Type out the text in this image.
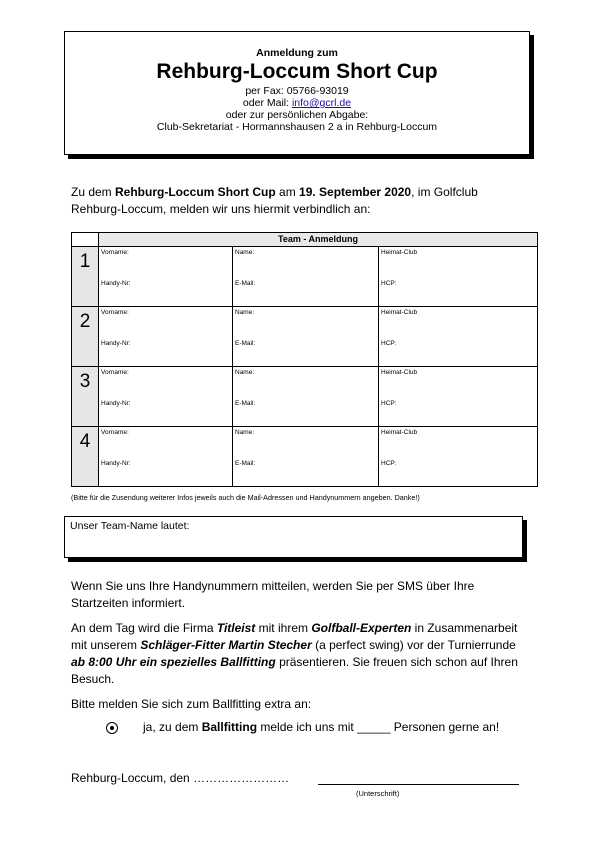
Anmeldung zum
Rehburg-Loccum Short Cup
per Fax: 05766-93019
oder Mail: info@gcrl.de
oder zur persönlichen Abgabe:
Club-Sekretariat - Hormannshausen 2 a in Rehburg-Loccum
Zu dem Rehburg-Loccum Short Cup am 19. September 2020, im Golfclub Rehburg-Loccum, melden wir uns hiermit verbindlich an:
	Team - Anmeldung		
1	Vorname:	Name:	Heimat-Club
	Handy-Nr:	E-Mail:	HCP:
2	Vorname:	Name:	Heimat-Club
	Handy-Nr:	E-Mail:	HCP:
3	Vorname:	Name:	Heimat-Club
	Handy-Nr:	E-Mail:	HCP:
4	Vorname:	Name:	Heimat-Club
	Handy-Nr:	E-Mail:	HCP:
(Bitte für die Zusendung weiterer Infos jeweils auch die Mail-Adressen und Handynummern angeben. Danke!)
Unser Team-Name lautet:
Wenn Sie uns Ihre Handynummern mitteilen, werden Sie per SMS über Ihre Startzeiten informiert.
An dem Tag wird die Firma Titleist mit ihrem Golfball-Experten in Zusammenarbeit mit unserem Schläger-Fitter Martin Stecher (a perfect swing) vor der Turnierrunde ab 8:00 Uhr ein spezielles Ballfitting präsentieren. Sie freuen sich schon auf Ihren Besuch.
Bitte melden Sie sich zum Ballfitting extra an:
ja, zu dem Ballfitting melde ich uns mit _____ Personen gerne an!
Rehburg-Loccum, den ……………………
(Unterschrift)
